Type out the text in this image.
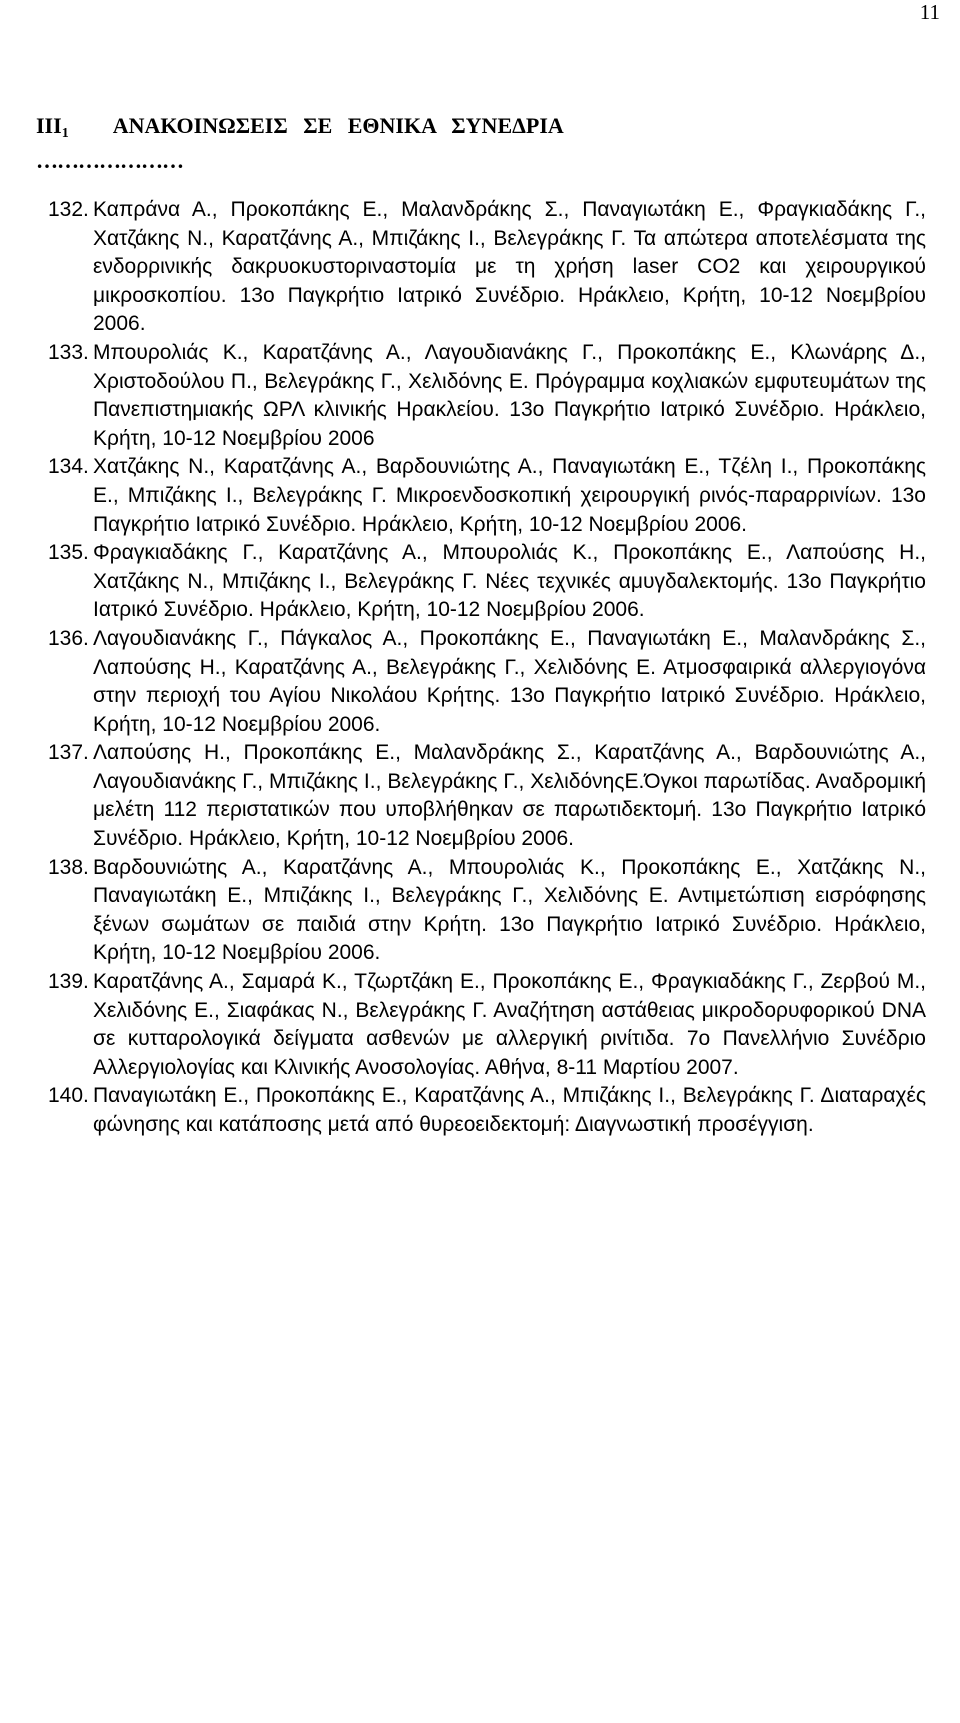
11
$III_1$ ΑΝΑΚΟΙΝΩΣΕΙΣ ΣΕ ΕΘΝΙΚΑ ΣΥΝΕΔΡΙΑ
…………………
132. Καπράνα Α., Προκοπάκης Ε., Μαλανδράκης Σ., Παναγιωτάκη Ε., Φραγκιαδάκης Γ., Χατζάκης Ν., Καρατζάνης Α., Μπιζάκης Ι., Βελεγράκης Γ. Τα απώτερα αποτελέσματα της ενδορρινικής δακρυοκυστοριναστομία με τη χρήση laser CO2 και χειρουργικού μικροσκοπίου. 13ο Παγκρήτιο Ιατρικό Συνέδριο. Ηράκλειο, Κρήτη, 10-12 Νοεμβρίου 2006.
133. Μπουρολιάς Κ., Καρατζάνης Α., Λαγουδιανάκης Γ., Προκοπάκης Ε., Κλωνάρης Δ., Χριστοδούλου Π., Βελεγράκης Γ., Χελιδόνης Ε. Πρόγραμμα κοχλιακών εμφυτευμάτων της Πανεπιστημιακής ΩΡΛ κλινικής Ηρακλείου. 13ο Παγκρήτιο Ιατρικό Συνέδριο. Ηράκλειο, Κρήτη, 10-12 Νοεμβρίου 2006
134. Χατζάκης Ν., Καρατζάνης Α., Βαρδουνιώτης Α., Παναγιωτάκη Ε., Τζέλη Ι., Προκοπάκης Ε., Μπιζάκης Ι., Βελεγράκης Γ. Μικροενδοσκοπική χειρουργική ρινός-παραρρινίων. 13ο Παγκρήτιο Ιατρικό Συνέδριο. Ηράκλειο, Κρήτη, 10-12 Νοεμβρίου 2006.
135. Φραγκιαδάκης Γ., Καρατζάνης Α., Μπουρολιάς Κ., Προκοπάκης Ε., Λαπούσης Η., Χατζάκης Ν., Μπιζάκης Ι., Βελεγράκης Γ. Νέες τεχνικές αμυγδαλεκτομής. 13ο Παγκρήτιο Ιατρικό Συνέδριο. Ηράκλειο, Κρήτη, 10-12 Νοεμβρίου 2006.
136. Λαγουδιανάκης Γ., Πάγκαλος Α., Προκοπάκης Ε., Παναγιωτάκη Ε., Μαλανδράκης Σ., Λαπούσης Η., Καρατζάνης Α., Βελεγράκης Γ., Χελιδόνης Ε. Ατμοσφαιρικά αλλεργιογόνα στην περιοχή του Αγίου Νικολάου Κρήτης. 13ο Παγκρήτιο Ιατρικό Συνέδριο. Ηράκλειο, Κρήτη, 10-12 Νοεμβρίου 2006.
137. Λαπούσης Η., Προκοπάκης Ε., Μαλανδράκης Σ., Καρατζάνης Α., Βαρδουνιώτης Α., Λαγουδιανάκης Γ., Μπιζάκης Ι., Βελεγράκης Γ., ΧελιδόνηςΕ.Όγκοι παρωτίδας. Αναδρομική μελέτη 112 περιστατικών που υποβλήθηκαν σε παρωτιδεκτομή. 13ο Παγκρήτιο Ιατρικό Συνέδριο. Ηράκλειο, Κρήτη, 10-12 Νοεμβρίου 2006.
138. Βαρδουνιώτης Α., Καρατζάνης Α., Μπουρολιάς Κ., Προκοπάκης Ε., Χατζάκης Ν., Παναγιωτάκη Ε., Μπιζάκης Ι., Βελεγράκης Γ., Χελιδόνης Ε. Αντιμετώπιση εισρόφησης ξένων σωμάτων σε παιδιά στην Κρήτη. 13ο Παγκρήτιο Ιατρικό Συνέδριο. Ηράκλειο, Κρήτη, 10-12 Νοεμβρίου 2006.
139. Καρατζάνης Α., Σαμαρά Κ., Τζωρτζάκη Ε., Προκοπάκης Ε., Φραγκιαδάκης Γ., Ζερβού Μ., Χελιδόνης Ε., Σιαφάκας Ν., Βελεγράκης Γ. Αναζήτηση αστάθειας μικροδορυφορικού DNA σε κυτταρολογικά δείγματα ασθενών με αλλεργική ρινίτιδα. 7ο Πανελλήνιο Συνέδριο Αλλεργιολογίας και Κλινικής Ανοσολογίας. Αθήνα, 8-11 Μαρτίου 2007.
140. Παναγιωτάκη Ε., Προκοπάκης Ε., Καρατζάνης Α., Μπιζάκης Ι., Βελεγράκης Γ. Διαταραχές φώνησης και κατάποσης μετά από θυρεοειδεκτομή: Διαγνωστική προσέγγιση.
